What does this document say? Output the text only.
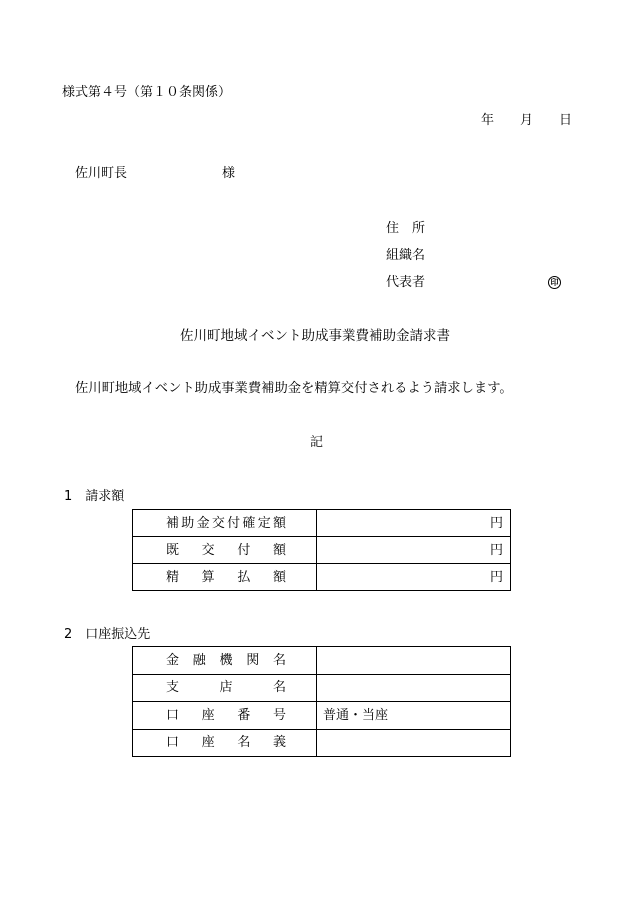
様式第４号（第１０条関係）
年　　月　　日
佐川町長	様
住　所
組織名
代表者	印
佐川町地域イベント助成事業費補助金請求書
佐川町地域イベント助成事業費補助金を精算交付されるよう請求します。
記
1　請求額
補助金交付確定額	円
既　交　付　額	円
精　算　払　額	円
2　口座振込先
金　融　機　関　名	
支　　店　　名	
口　座　番　号	普通・当座
口　座　名　義	
